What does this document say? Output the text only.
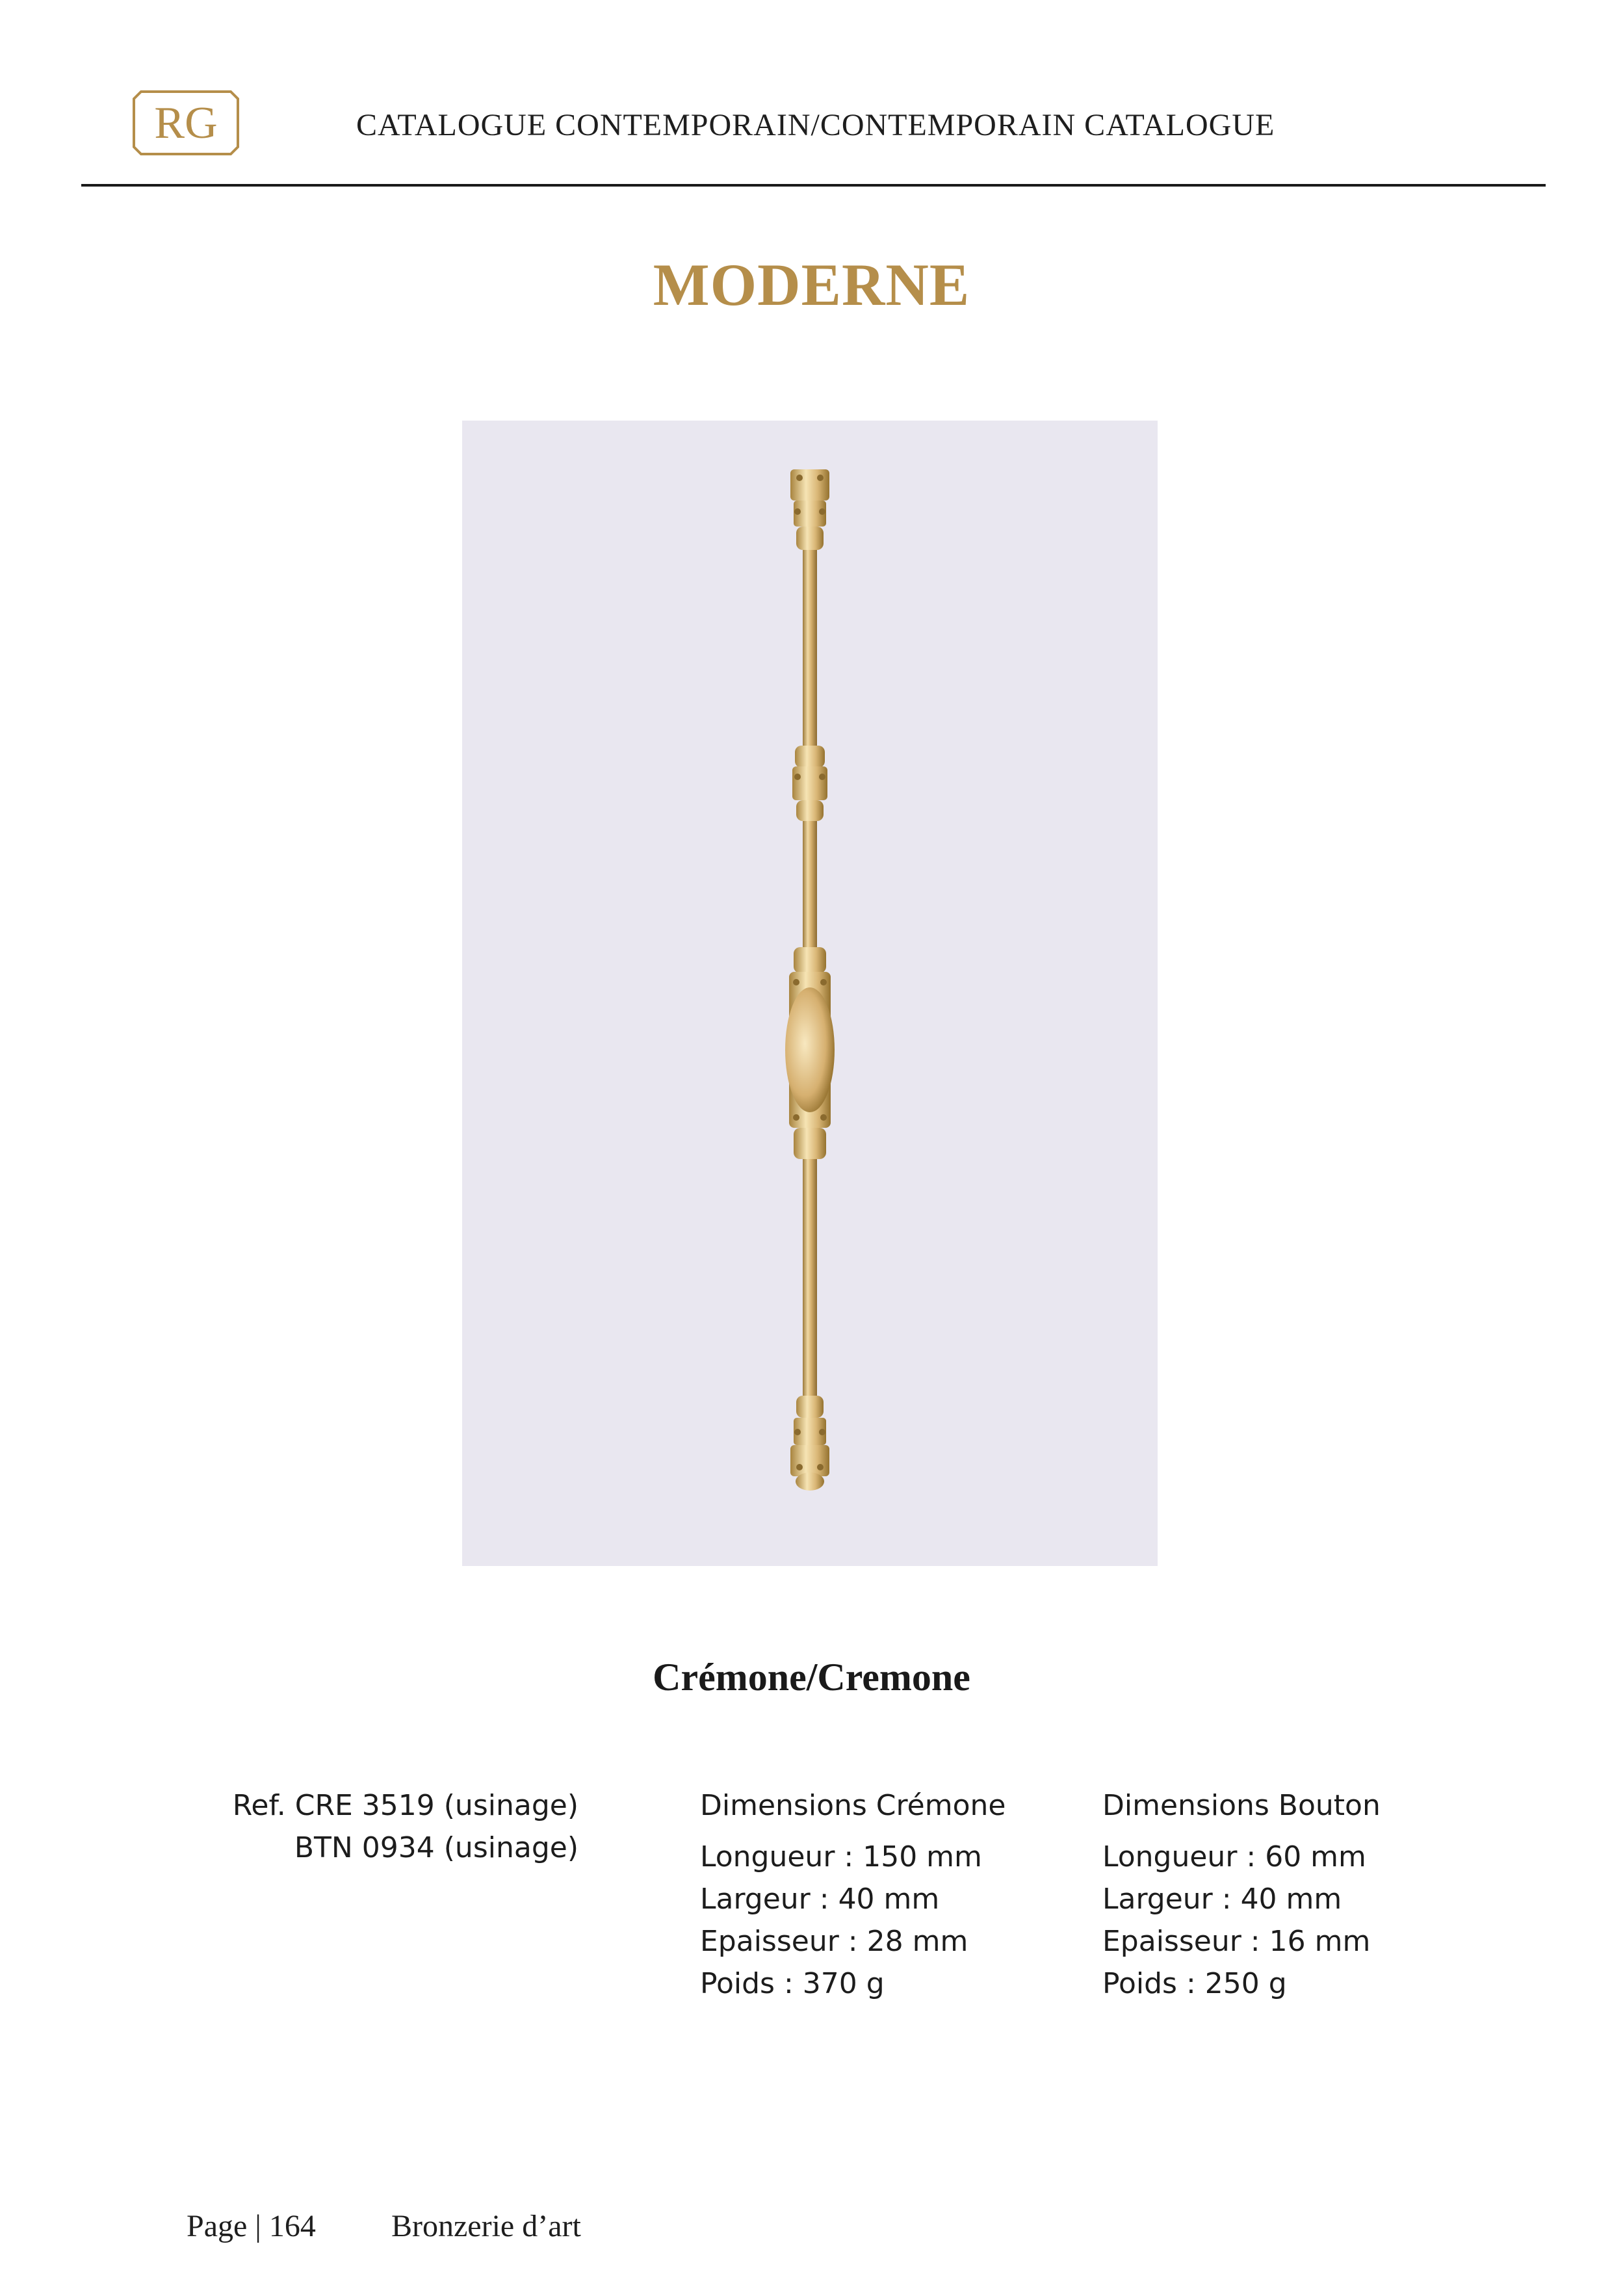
RG	CATALOGUE CONTEMPORAIN/CONTEMPORAIN CATALOGUE
MODERNE
Crémone/Cremone
Ref. CRE 3519 (usinage)
BTN 0934 (usinage)
Dimensions Crémone
Longueur : 150 mm
Largeur : 40 mm
Epaisseur : 28 mm
Poids : 370 g
Dimensions Bouton
Longueur : 60 mm
Largeur : 40 mm
Epaisseur : 16 mm
Poids : 250 g
Page | 164 Bronzerie d’art
